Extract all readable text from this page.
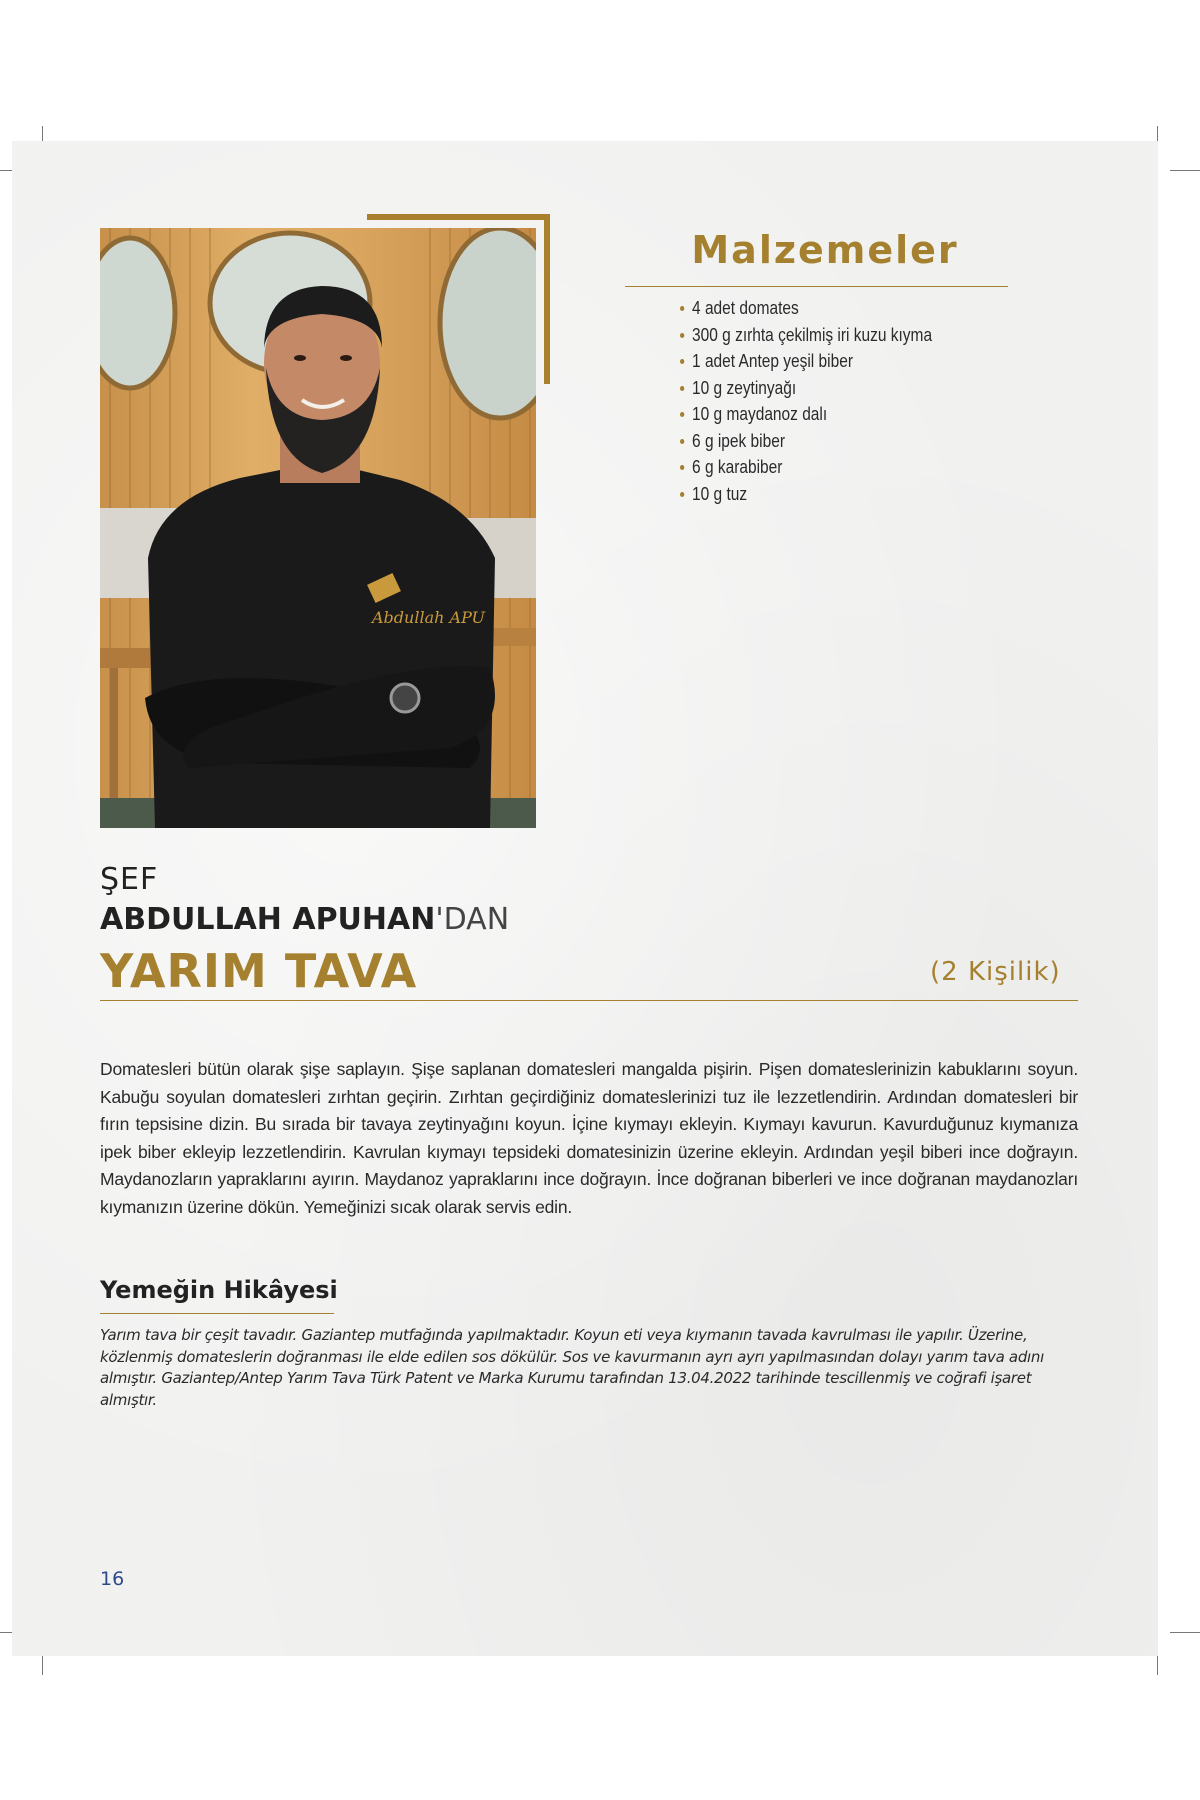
Abdullah APU
Malzemeler
4 adet domates
300 g zırhta çekilmiş iri kuzu kıyma
1 adet Antep yeşil biber
10 g zeytinyağı
10 g maydanoz dalı
6 g ipek biber
6 g karabiber
10 g tuz

ŞEF

ABDULLAH APUHAN'DAN

YARIM TAVA	(2 Kişilik)

Domatesleri bütün olarak şişe saplayın. Şişe saplanan domatesleri mangalda pişirin. Pişen domateslerinizin kabuklarını soyun. Kabuğu soyulan domatesleri zırhtan geçirin. Zırhtan geçirdiğiniz domateslerinizi tuz ile lezzetlendirin. Ardından domatesleri bir fırın tepsisine dizin. Bu sırada bir tavaya zeytinyağını koyun. İçine kıymayı ekleyin. Kıymayı kavurun. Kavurduğunuz kıymanıza ipek biber ekleyip lezzetlendirin. Kavrulan kıymayı tepsideki domatesinizin üzerine ekleyin. Ardından yeşil biberi ince doğrayın. Maydanozların yapraklarını ayırın. Maydanoz yapraklarını ince doğrayın. İnce doğranan biberleri ve ince doğranan maydanozları kıymanızın üzerine dökün. Yemeğinizi sıcak olarak servis edin.

Yemeğin Hikâyesi

Yarım tava bir çeşit tavadır. Gaziantep mutfağında yapılmaktadır. Koyun eti veya kıymanın tavada kavrulması ile yapılır. Üzerine, közlenmiş domateslerin doğranması ile elde edilen sos dökülür. Sos ve kavurmanın ayrı ayrı yapılmasından dolayı yarım tava adını almıştır. Gaziantep/Antep Yarım Tava Türk Patent ve Marka Kurumu tarafından 13.04.2022 tarihinde tescillenmiş ve coğrafi işaret almıştır.

16
